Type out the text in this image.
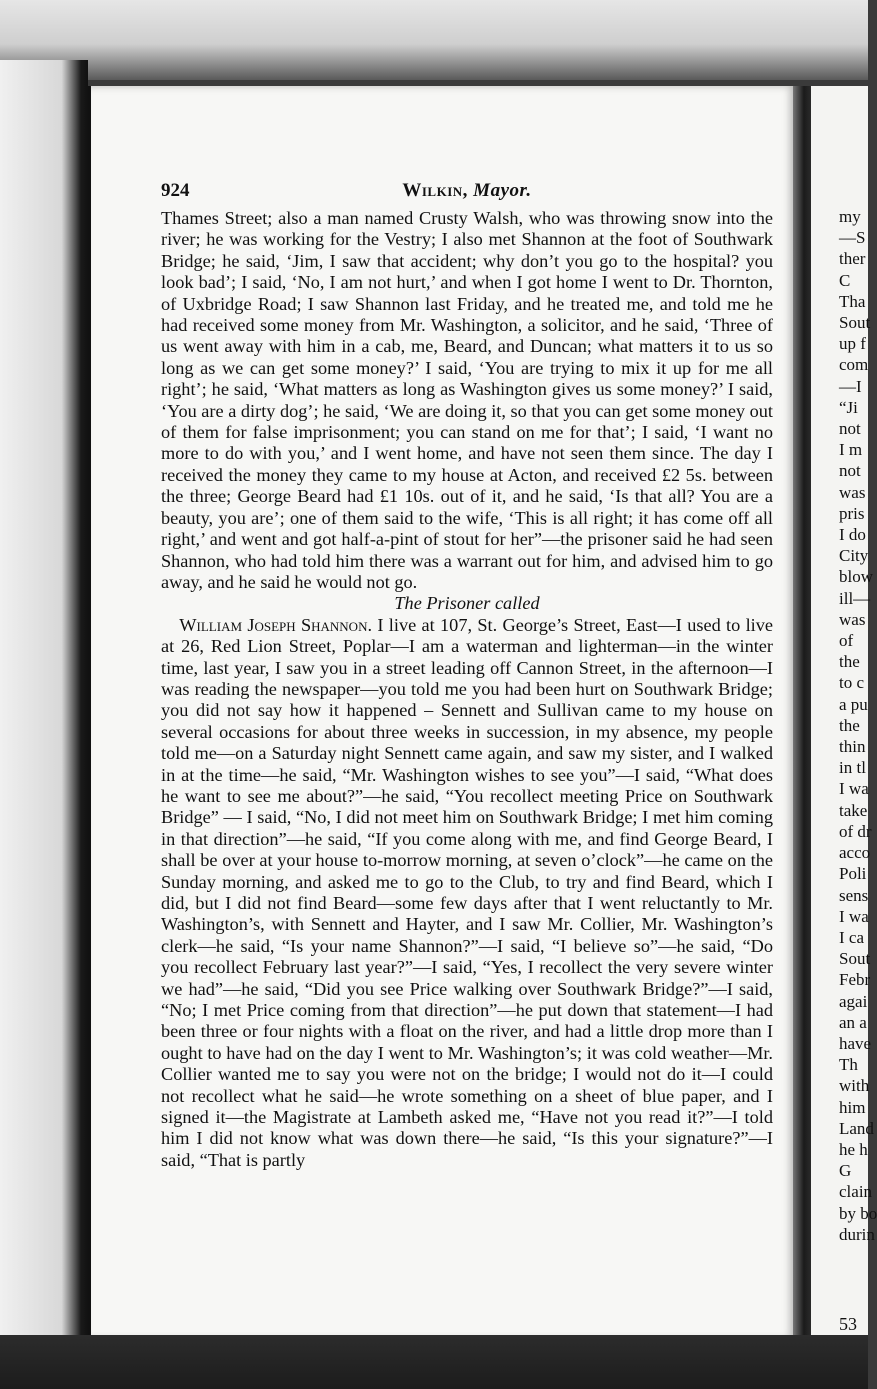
924	Wilkin, Mayor.

Thames Street; also a man named Crusty Walsh, who was throwing snow into the river; he was working for the Vestry; I also met Shannon at the foot of Southwark Bridge; he said, ‘Jim, I saw that accident; why don’t you go to the hospital? you look bad’; I said, ‘No, I am not hurt,’ and when I got home I went to Dr. Thornton, of Uxbridge Road; I saw Shannon last Friday, and he treated me, and told me he had received some money from Mr. Washington, a solicitor, and he said, ‘Three of us went away with him in a cab, me, Beard, and Duncan; what matters it to us so long as we can get some money?’ I said, ‘You are trying to mix it up for me all right’; he said, ‘What matters as long as Washington gives us some money?’ I said, ‘You are a dirty dog’; he said, ‘We are doing it, so that you can get some money out of them for false imprisonment; you can stand on me for that’; I said, ‘I want no more to do with you,’ and I went home, and have not seen them since. The day I received the money they came to my house at Acton, and received £2 5s. between the three; George Beard had £1 10s. out of it, and he said, ‘Is that all? You are a beauty, you are’; one of them said to the wife, ‘This is all right; it has come off all right,’ and went and got half-a-pint of stout for her”—the prisoner said he had seen Shannon, who had told him there was a warrant out for him, and advised him to go away, and he said he would not go.

The Prisoner called

 William Joseph Shannon. I live at 107, St. George’s Street, East—I used to live at 26, Red Lion Street, Poplar—I am a waterman and lighterman—in the winter time, last year, I saw you in a street leading off Cannon Street, in the afternoon—I was reading the newspaper—you told me you had been hurt on Southwark Bridge; you did not say how it happened – Sennett and Sullivan came to my house on several occasions for about three weeks in succession, in my absence, my people told me—on a Saturday night Sennett came again, and saw my sister, and I walked in at the time—he said, “Mr. Washington wishes to see you”—I said, “What does he want to see me about?”—he said, “You recollect meeting Price on Southwark Bridge” — I said, “No, I did not meet him on Southwark Bridge; I met him coming in that direction”—he said, “If you come along with me, and find George Beard, I shall be over at your house to-morrow morning, at seven o’clock”—he came on the Sunday morning, and asked me to go to the Club, to try and find Beard, which I did, but I did not find Beard—some few days after that I went reluctantly to Mr. Washington’s, with Sennett and Hayter, and I saw Mr. Collier, Mr. Washington’s clerk—he said, “Is your name Shannon?”—I said, “I believe so”—he said, “Do you recollect February last year?”—I said, “Yes, I recollect the very severe winter we had”—he said, “Did you see Price walking over Southwark Bridge?”—I said, “No; I met Price coming from that direction”—he put down that statement—I had been three or four nights with a float on the river, and had a little drop more than I ought to have had on the day I went to Mr. Washington’s; it was cold weather—Mr. Collier wanted me to say you were not on the bridge; I would not do it—I could not recollect what he said—he wrote something on a sheet of blue paper, and I signed it—the Magistrate at Lambeth asked me, “Have not you read it?”—I told him I did not know what was down there—he said, “Is this your signature?”—I said, “That is partly

my
—S
ther
C
Tha
Sout
up f
com
—I
“Ji
not
I m
not
was
pris
I do
City
blow
ill—
was
of
the
to c
a pu
the
thin
in tl
I wa
take
of dr
acco
Poli
sens
I wa
I ca
Sout
Febr
agai
an a
have
Th
with
him
Land
he h
G
clain
by bo
durin
53
